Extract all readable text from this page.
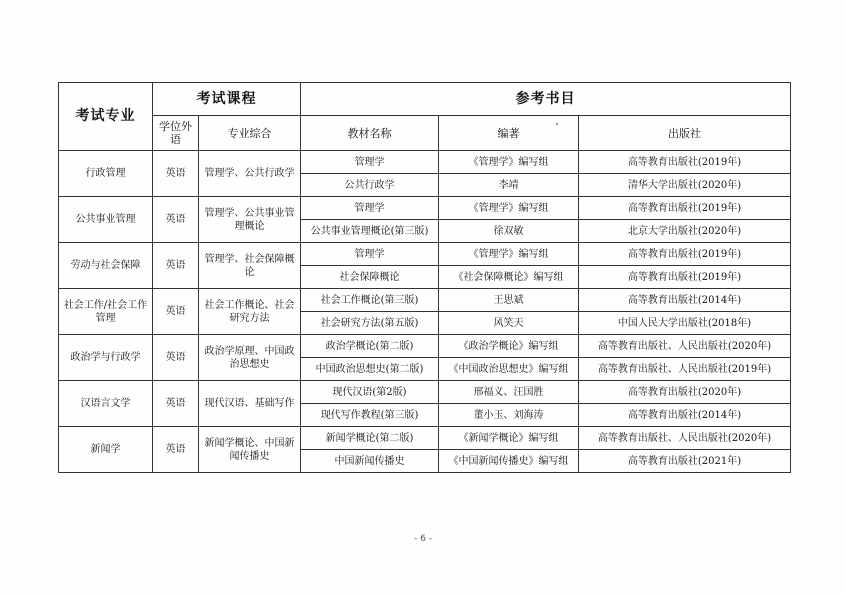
考试专业	考试课程		参考书目		
	学位外语	专业综合	教材名称	编著	出版社
行政管理	英语	管理学、公共行政学	管理学	《管理学》编写组	高等教育出版社(2019年)
			公共行政学	李靖	清华大学出版社(2020年)
公共事业管理	英语	管理学、公共事业管理概论	管理学	《管理学》编写组	高等教育出版社(2019年)
			公共事业管理概论(第三版)	徐双敏	北京大学出版社(2020年)
劳动与社会保障	英语	管理学、社会保障概论	管理学	《管理学》编写组	高等教育出版社(2019年)
			社会保障概论	《社会保障概论》编写组	高等教育出版社(2019年)
社会工作/社会工作管理	英语	社会工作概论、社会研究方法	社会工作概论(第三版)	王思斌	高等教育出版社(2014年)
			社会研究方法(第五版)	风笑天	中国人民大学出版社(2018年)
政治学与行政学	英语	政治学原理、中国政治思想史	政治学概论(第二版)	《政治学概论》编写组	高等教育出版社、人民出版社(2020年)
			中国政治思想史(第二版)	《中国政治思想史》编写组	高等教育出版社、人民出版社(2019年)
汉语言文学	英语	现代汉语、基础写作	现代汉语(第2版)	邢福义、汪国胜	高等教育出版社(2020年)
			现代写作教程(第三版)	董小玉、刘海涛	高等教育出版社(2014年)
新闻学	英语	新闻学概论、中国新闻传播史	新闻学概论(第二版)	《新闻学概论》编写组	高等教育出版社、人民出版社(2020年)
			中国新闻传播史	《中国新闻传播史》编写组	高等教育出版社(2021年)
- 6 -
